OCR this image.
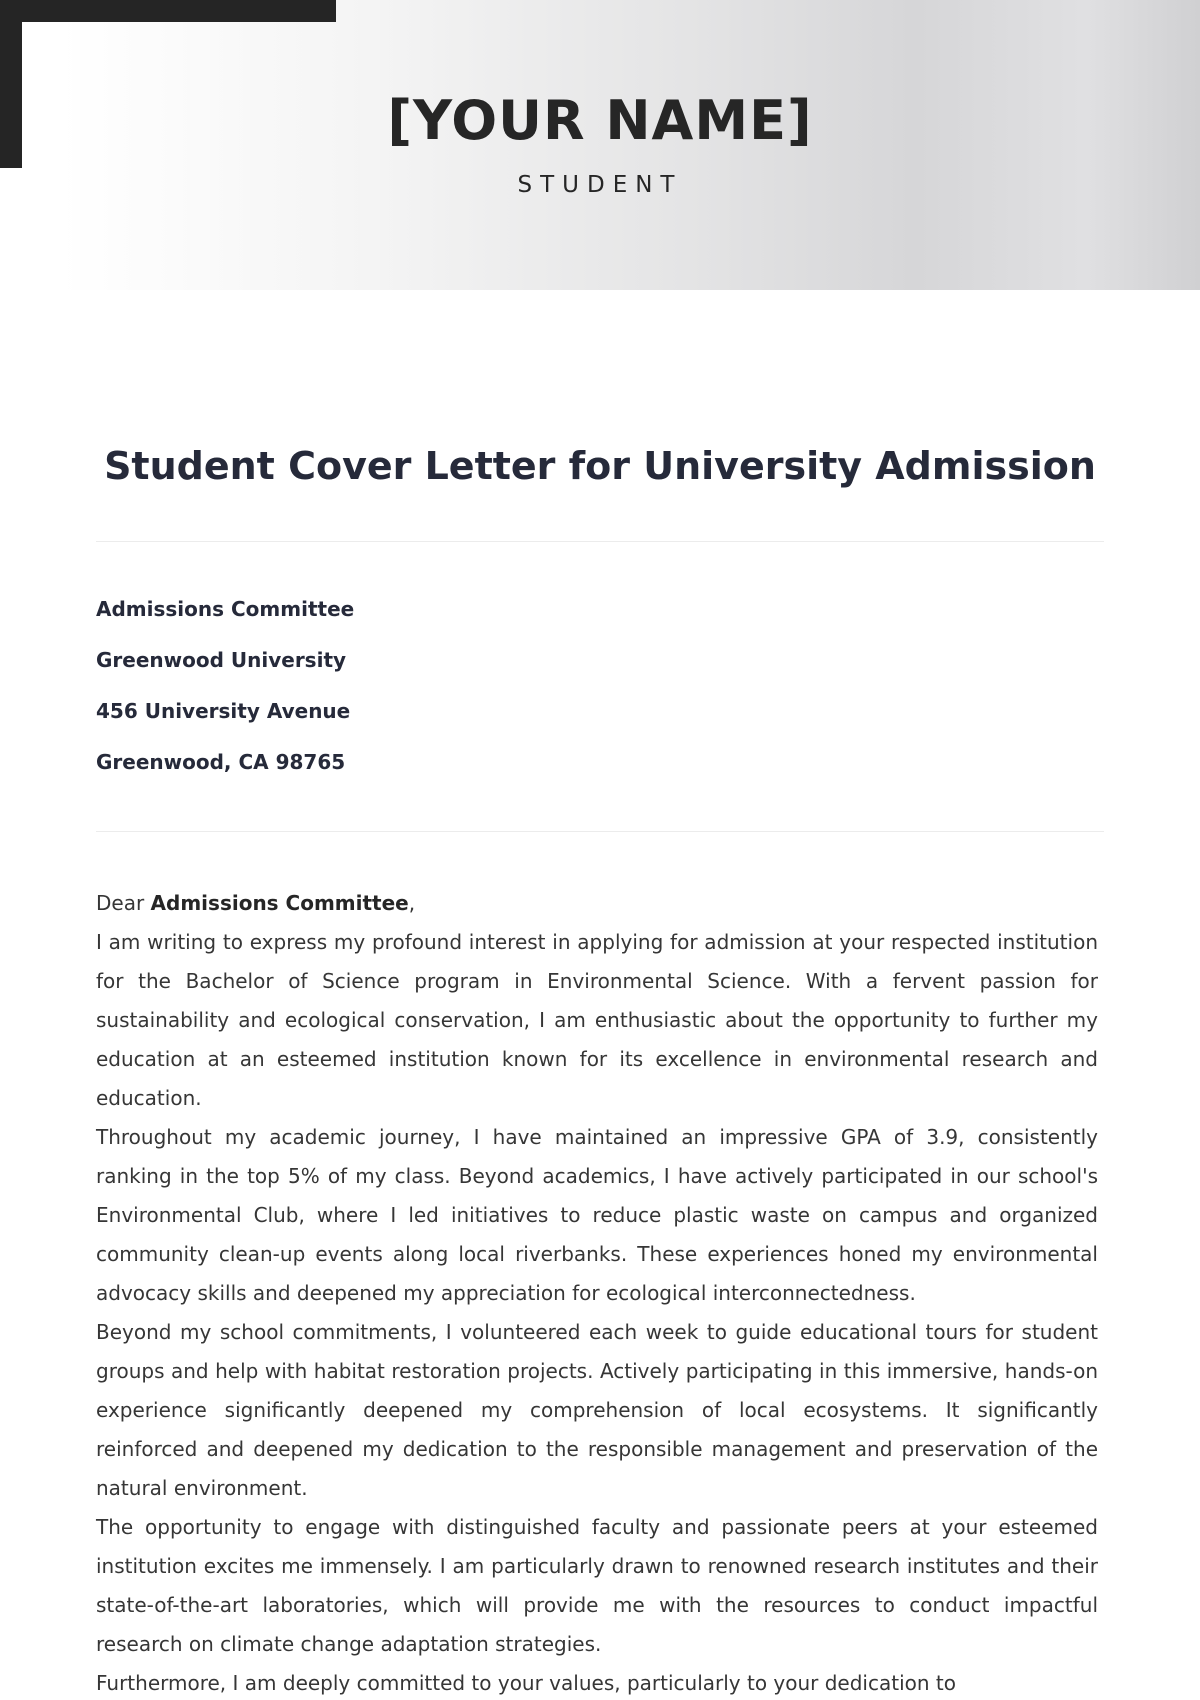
[YOUR NAME]
STUDENT
Student Cover Letter for University Admission
Admissions Committee
Greenwood University
456 University Avenue
Greenwood, CA 98765

Dear Admissions Committee,

I am writing to express my profound interest in applying for admission at your respected institution for the Bachelor of Science program in Environmental Science. With a fervent passion for sustainability and ecological conservation, I am enthusiastic about the opportunity to further my education at an esteemed institution known for its excellence in environmental research and education.

Throughout my academic journey, I have maintained an impressive GPA of 3.9, consistently ranking in the top 5% of my class. Beyond academics, I have actively participated in our school's Environmental Club, where I led initiatives to reduce plastic waste on campus and organized community clean-up events along local riverbanks. These experiences honed my environmental advocacy skills and deepened my appreciation for ecological interconnectedness.

Beyond my school commitments, I volunteered each week to guide educational tours for student groups and help with habitat restoration projects. Actively participating in this immersive, hands-on experience significantly deepened my comprehension of local ecosystems. It significantly reinforced and deepened my dedication to the responsible management and preservation of the natural environment.

The opportunity to engage with distinguished faculty and passionate peers at your esteemed institution excites me immensely. I am particularly drawn to renowned research institutes and their state-of-the-art laboratories, which will provide me with the resources to conduct impactful research on climate change adaptation strategies.

Furthermore, I am deeply committed to your values, particularly to your dedication to
